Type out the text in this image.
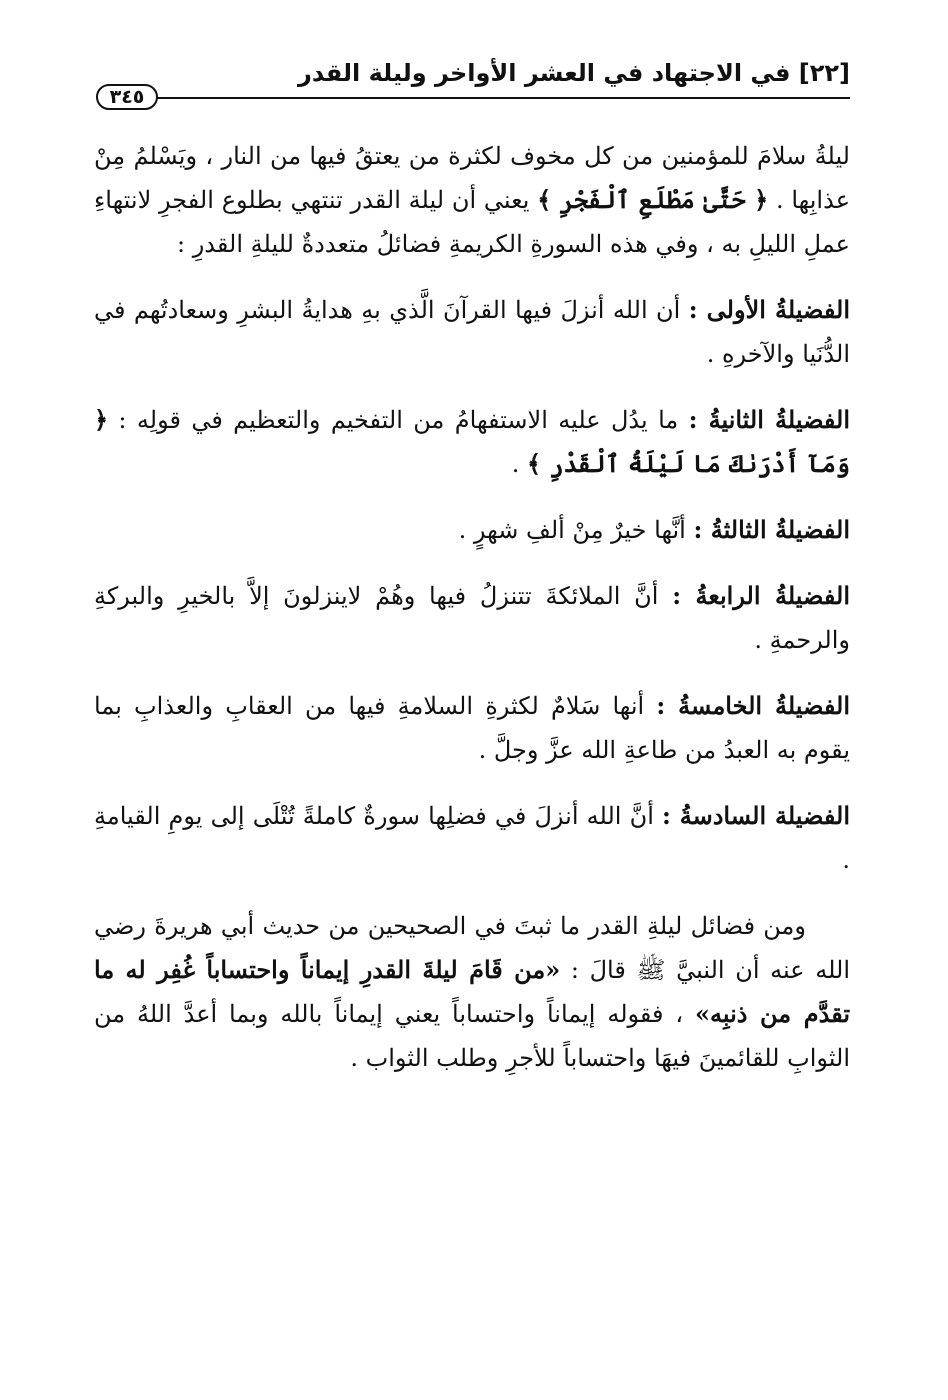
[٢٢] في الاجتهاد في العشر الأواخر وليلة القدر
٣٤٥

ليلةُ سلامَ للمؤمنين من كل مخوف لكثرة من يعتقُ فيها من النار ، ويَسْلمُ مِنْ عذابِها . ﴿ حَتَّىٰ مَطْلَعِ ٱلْفَجْرِ ﴾ يعني أن ليلة القدر تنتهي بطلوع الفجرِ لانتهاءِ عملِ الليلِ به ، وفي هذه السورةِ الكريمةِ فضائلُ متعددةٌ لليلةِ القدرِ :

الفضيلةُ الأولى : أن الله أنزلَ فيها القرآنَ الَّذي بهِ هدايةُ البشرِ وسعادتُهم في الدُّنَيا والآخرهِ .

الفضيلةُ الثانيةُ : ما يدُل عليه الاستفهامُ من التفخيم والتعظيم في قولِه : ﴿ وَمَآ أَدْرَىٰكَ مَا لَيْلَةُ ٱلْقَدْرِ ﴾ .

الفضيلةُ الثالثةُ : أنَّها خيرٌ مِنْ ألفِ شهرٍ .

الفضيلةُ الرابعةُ : أنَّ الملائكةَ تتنزلُ فيها وهُمْ لاينزلونَ إلاَّ بالخيرِ والبركةِ والرحمةِ .

الفضيلةُ الخامسةُ : أنها سَلامٌ لكثرةِ السلامةِ فيها من العقابِ والعذابِ بما يقوم به العبدُ من طاعةِ الله عزَّ وجلَّ .

الفضيلة السادسةُ : أنَّ الله أنزلَ في فضلِها سورةٌ كاملةً تُتْلَى إلى يومِ القيامةِ .

ومن فضائل ليلةِ القدر ما ثبتَ في الصحيحين من حديث أبي هريرةَ رضي الله عنه أن النبيَّ ﷺ قالَ : «من قَامَ ليلةَ القدرِ إيماناً واحتساباً غُفِر له ما تقدَّم من ذنبِه» ، فقوله إيماناً واحتساباً يعني إيماناً بالله وبما أعدَّ اللهُ من الثوابِ للقائمينَ فيهَا واحتساباً للأجرِ وطلب الثواب .
